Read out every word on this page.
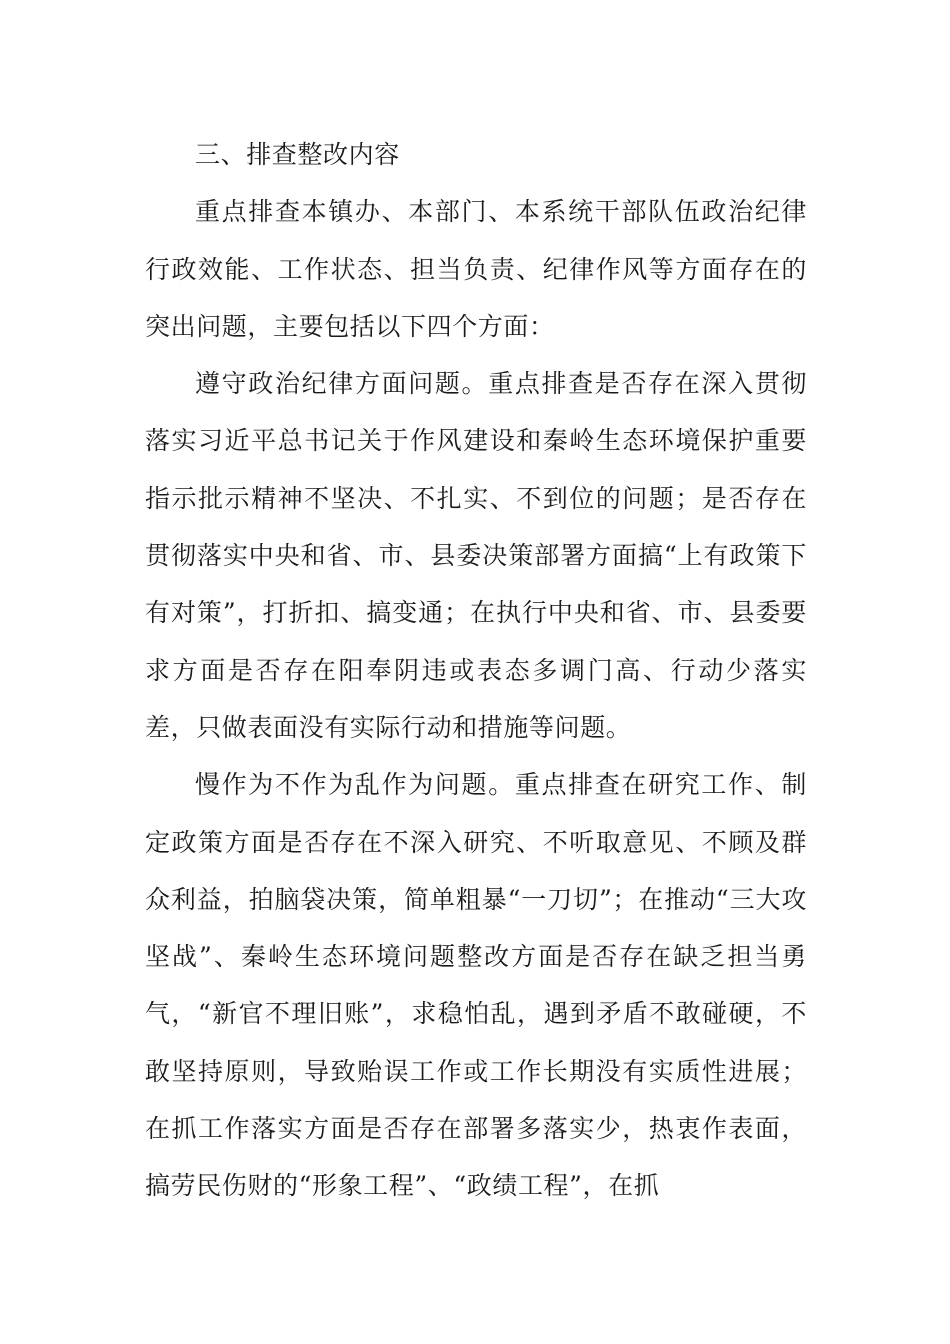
三、排查整改内容

重点排查本镇办、本部门、本系统干部队伍政治纪律行政效能、工作状态、担当负责、纪律作风等方面存在的突出问题，主要包括以下四个方面：

遵守政治纪律方面问题。重点排查是否存在深入贯彻落实习近平总书记关于作风建设和秦岭生态环境保护重要指示批示精神不坚决、不扎实、不到位的问题；是否存在贯彻落实中央和省、市、县委决策部署方面搞“上有政策下有对策”，打折扣、搞变通；在执行中央和省、市、县委要求方面是否存在阳奉阴违或表态多调门高、行动少落实差，只做表面没有实际行动和措施等问题。

慢作为不作为乱作为问题。重点排查在研究工作、制定政策方面是否存在不深入研究、不听取意见、不顾及群众利益，拍脑袋决策，简单粗暴“一刀切”；在推动“三大攻坚战”、秦岭生态环境问题整改方面是否存在缺乏担当勇气，“新官不理旧账”，求稳怕乱，遇到矛盾不敢碰硬，不敢坚持原则，导致贻误工作或工作长期没有实质性进展；在抓工作落实方面是否存在部署多落实少，热衷作表面，搞劳民伤财的“形象工程”、“政绩工程”，在抓
